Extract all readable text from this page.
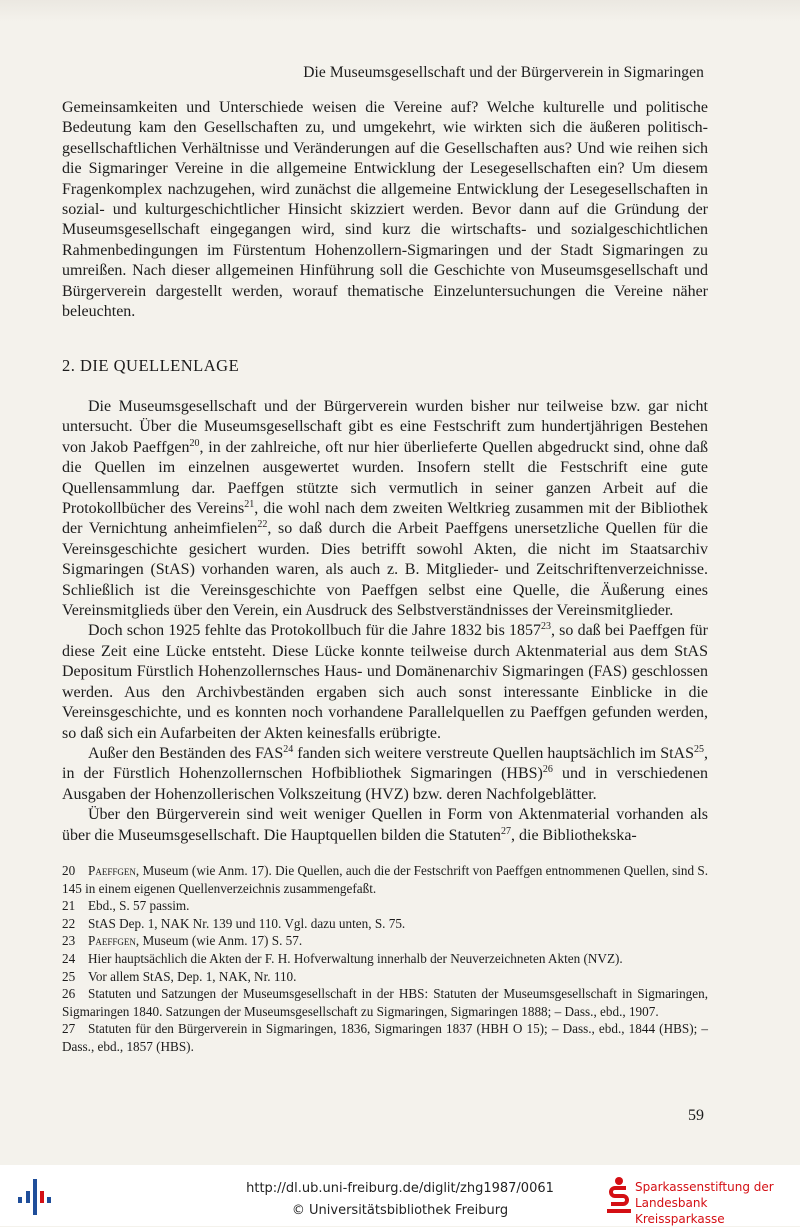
Die Museumsgesellschaft und der Bürgerverein in Sigmaringen

Gemeinsamkeiten und Unterschiede weisen die Vereine auf? Welche kulturelle und politische Bedeutung kam den Gesellschaften zu, und umgekehrt, wie wirkten sich die äußeren politisch-gesellschaftlichen Verhältnisse und Veränderungen auf die Gesellschaften aus? Und wie reihen sich die Sigmaringer Vereine in die allgemeine Entwicklung der Lesegesellschaften ein? Um diesem Fragenkomplex nachzugehen, wird zunächst die allgemeine Entwicklung der Lesegesellschaften in sozial- und kulturgeschichtlicher Hinsicht skizziert werden. Bevor dann auf die Gründung der Museumsgesellschaft eingegangen wird, sind kurz die wirtschafts- und sozialgeschichtlichen Rahmenbedingungen im Fürstentum Hohenzollern-Sigmaringen und der Stadt Sigmaringen zu umreißen. Nach dieser allgemeinen Hinführung soll die Geschichte von Museumsgesellschaft und Bürgerverein dargestellt werden, worauf thematische Einzeluntersuchungen die Vereine näher beleuchten.

2. DIE QUELLENLAGE

Die Museumsgesellschaft und der Bürgerverein wurden bisher nur teilweise bzw. gar nicht untersucht. Über die Museumsgesellschaft gibt es eine Festschrift zum hundertjährigen Bestehen von Jakob Paeffgen$^{20}$, in der zahlreiche, oft nur hier überlieferte Quellen abgedruckt sind, ohne daß die Quellen im einzelnen ausgewertet wurden. Insofern stellt die Festschrift eine gute Quellensammlung dar. Paeffgen stützte sich vermutlich in seiner ganzen Arbeit auf die Protokollbücher des Vereins$^{21}$, die wohl nach dem zweiten Weltkrieg zusammen mit der Bibliothek der Vernichtung anheimfielen$^{22}$, so daß durch die Arbeit Paeffgens unersetzliche Quellen für die Vereinsgeschichte gesichert wurden. Dies betrifft sowohl Akten, die nicht im Staatsarchiv Sigmaringen (StAS) vorhanden waren, als auch z. B. Mitglieder- und Zeitschriftenverzeichnisse. Schließlich ist die Vereinsgeschichte von Paeffgen selbst eine Quelle, die Äußerung eines Vereinsmitglieds über den Verein, ein Ausdruck des Selbstverständnisses der Vereinsmitglieder.

Doch schon 1925 fehlte das Protokollbuch für die Jahre 1832 bis 1857$^{23}$, so daß bei Paeffgen für diese Zeit eine Lücke entsteht. Diese Lücke konnte teilweise durch Aktenmaterial aus dem StAS Depositum Fürstlich Hohenzollernsches Haus- und Domänenarchiv Sigmaringen (FAS) geschlossen werden. Aus den Archivbeständen ergaben sich auch sonst interessante Einblicke in die Vereinsgeschichte, und es konnten noch vorhandene Parallelquellen zu Paeffgen gefunden werden, so daß sich ein Aufarbeiten der Akten keinesfalls erübrigte.

Außer den Beständen des FAS$^{24}$ fanden sich weitere verstreute Quellen hauptsächlich im StAS$^{25}$, in der Fürstlich Hohenzollernschen Hofbibliothek Sigmaringen (HBS)$^{26}$ und in verschiedenen Ausgaben der Hohenzollerischen Volkszeitung (HVZ) bzw. deren Nachfolgeblätter.

Über den Bürgerverein sind weit weniger Quellen in Form von Aktenmaterial vorhanden als über die Museumsgesellschaft. Die Hauptquellen bilden die Statuten$^{27}$, die Bibliothekska-

20 Paeffgen, Museum (wie Anm. 17). Die Quellen, auch die der Festschrift von Paeffgen entnommenen Quellen, sind S. 145 in einem eigenen Quellenverzeichnis zusammengefaßt.

21 Ebd., S. 57 passim.

22 StAS Dep. 1, NAK Nr. 139 und 110. Vgl. dazu unten, S. 75.

23 Paeffgen, Museum (wie Anm. 17) S. 57.

24 Hier hauptsächlich die Akten der F. H. Hofverwaltung innerhalb der Neuverzeichneten Akten (NVZ).

25 Vor allem StAS, Dep. 1, NAK, Nr. 110.

26 Statuten und Satzungen der Museumsgesellschaft in der HBS: Statuten der Museumsgesellschaft in Sigmaringen, Sigmaringen 1840. Satzungen der Museumsgesellschaft zu Sigmaringen, Sigmaringen 1888; – Dass., ebd., 1907.

27 Statuten für den Bürgerverein in Sigmaringen, 1836, Sigmaringen 1837 (HBH O 15); – Dass., ebd., 1844 (HBS); – Dass., ebd., 1857 (HBS).

59
http://dl.ub.uni-freiburg.de/diglit/zhg1987/0061
© Universitätsbibliothek Freiburg
Sparkassenstiftung der
Landesbank Kreissparkasse
